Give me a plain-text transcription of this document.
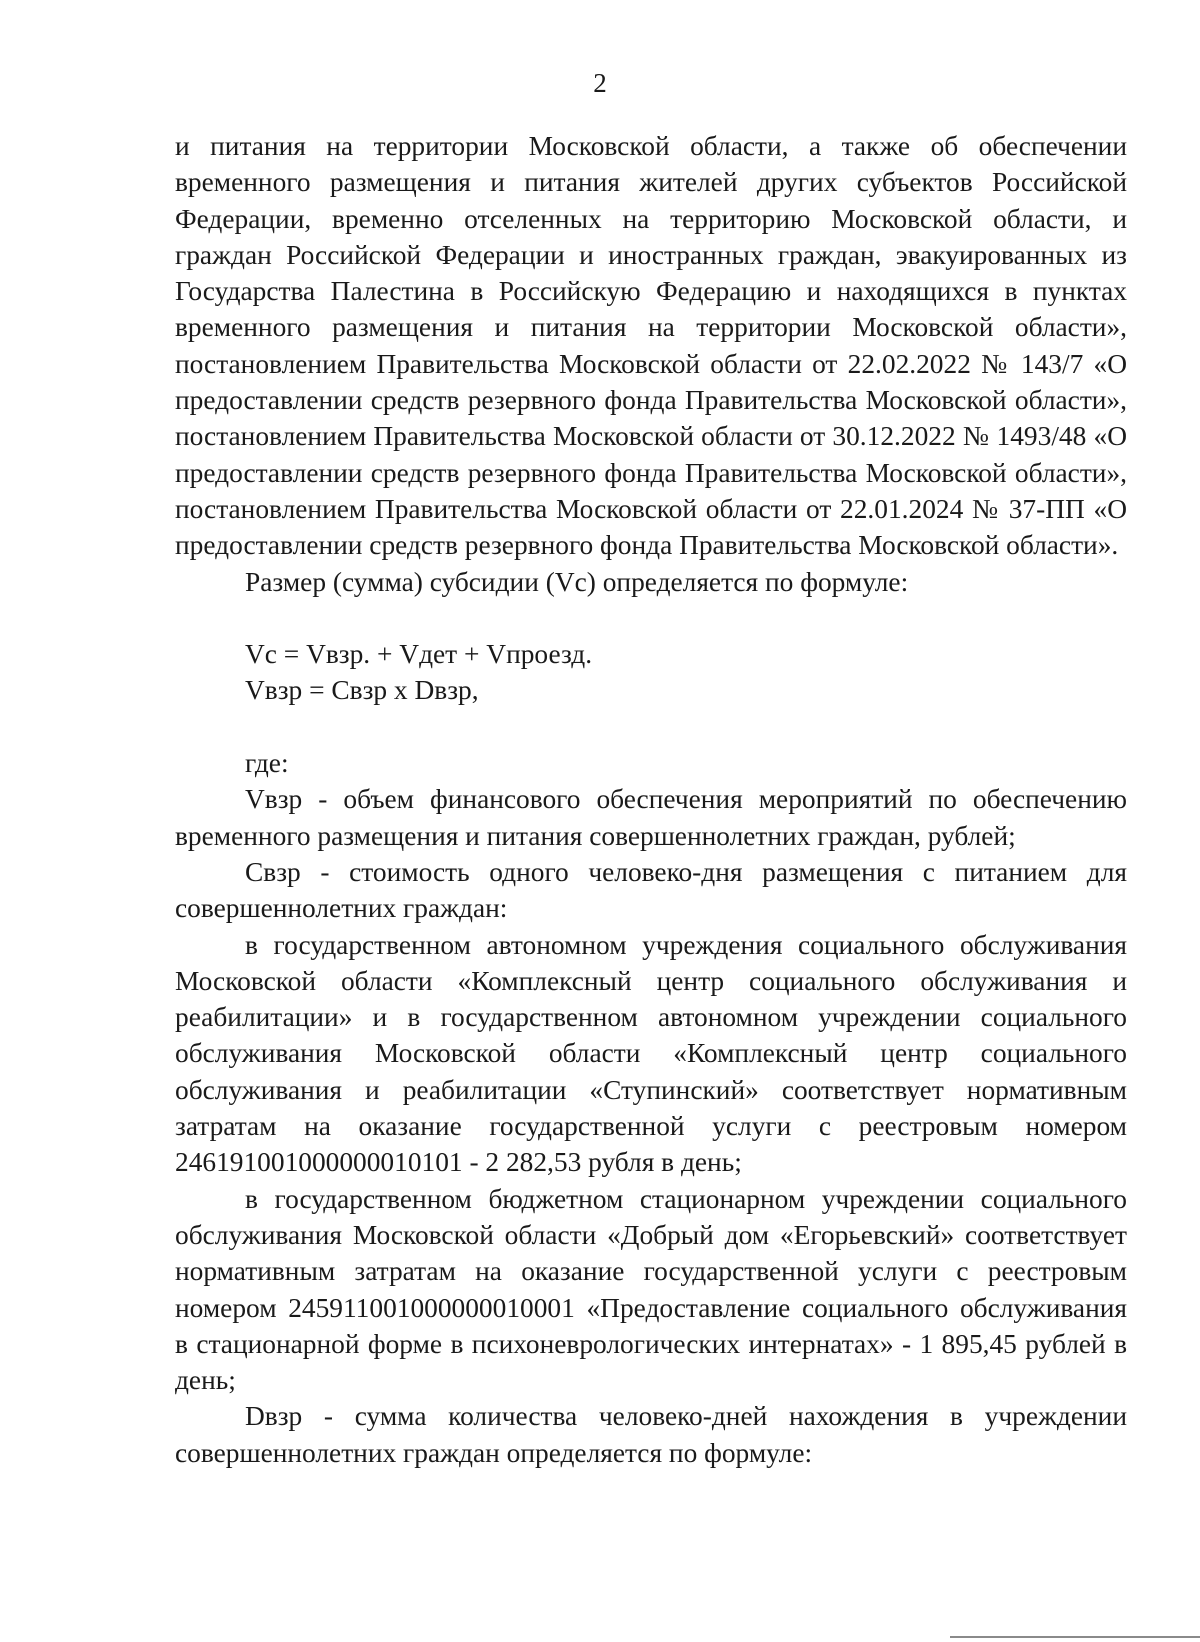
2

и питания на территории Московской области, а также об обеспечении временного размещения и питания жителей других субъектов Российской Федерации, временно отселенных на территорию Московской области, и граждан Российской Федерации и иностранных граждан, эвакуированных из Государства Палестина в Российскую Федерацию и находящихся в пунктах временного размещения и питания на территории Московской области», постановлением Правительства Московской области от 22.02.2022 № 143/7 «О предоставлении средств резервного фонда Правительства Московской области», постановлением Правительства Московской области от 30.12.2022 № 1493/48 «О предоставлении средств резервного фонда Правительства Московской области», постановлением Правительства Московской области от 22.01.2024 № 37-ПП «О предоставлении средств резервного фонда Правительства Московской области».

Размер (сумма) субсидии (Vс) определяется по формуле:

Vс = Vвзр. + Vдет + Vпроезд.

Vвзр = Свзр x Dвзр,

где:

Vвзр - объем финансового обеспечения мероприятий по обеспечению временного размещения и питания совершеннолетних граждан, рублей;

Свзр - стоимость одного человеко-дня размещения с питанием для совершеннолетних граждан:

в государственном автономном учреждения социального обслуживания Московской области «Комплексный центр социального обслуживания и реабилитации» и в государственном автономном учреждении социального обслуживания Московской области «Комплексный центр социального обслуживания и реабилитации «Ступинский» соответствует нормативным затратам на оказание государственной услуги с реестровым номером 246191001000000010101 - 2 282,53 рубля в день;

в государственном бюджетном стационарном учреждении социального обслуживания Московской области «Добрый дом «Егорьевский» соответствует нормативным затратам на оказание государственной услуги с реестровым номером 245911001000000010001 «Предоставление социального обслуживания в стационарной форме в психоневрологических интернатах» - 1 895,45 рублей в день;

Dвзр - сумма количества человеко-дней нахождения в учреждении совершеннолетних граждан определяется по формуле:
